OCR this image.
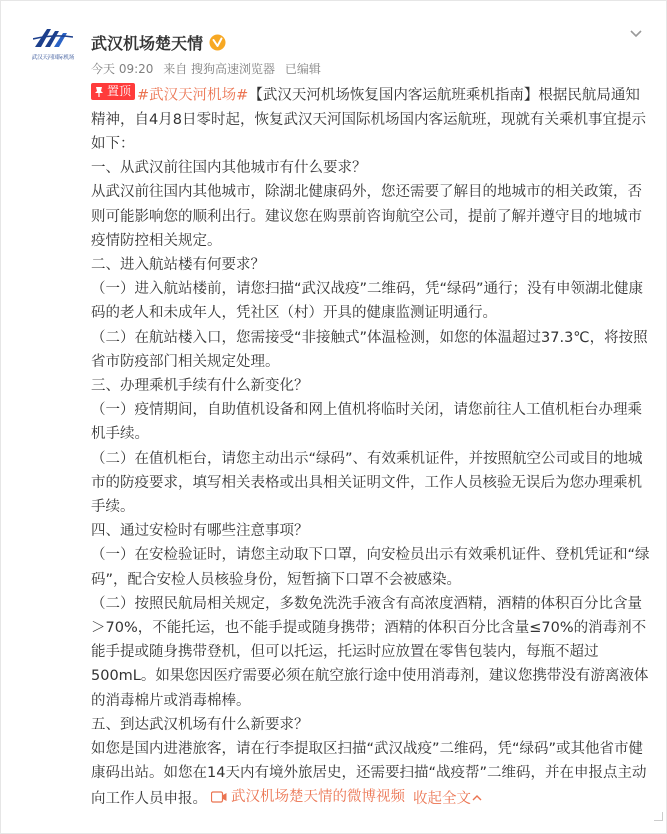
武汉天河国际机场
武汉机场楚天情
今天 09:20 来自 搜狗高速浏览器 已编辑

置顶 #武汉天河机场#【武汉天河机场恢复国内客运航班乘机指南】根据民航局通知精神，自4月8日零时起，恢复武汉天河国际机场国内客运航班，现就有关乘机事宜提示如下：

一、从武汉前往国内其他城市有什么要求？

从武汉前往国内其他城市，除湖北健康码外，您还需要了解目的地城市的相关政策，否则可能影响您的顺利出行。建议您在购票前咨询航空公司，提前了解并遵守目的地城市疫情防控相关规定。

二、进入航站楼有何要求？

（一）进入航站楼前，请您扫描“武汉战疫”二维码，凭“绿码”通行；没有申领湖北健康码的老人和未成年人，凭社区（村）开具的健康监测证明通行。

（二）在航站楼入口，您需接受“非接触式”体温检测，如您的体温超过37.3℃，将按照省市防疫部门相关规定处理。

三、办理乘机手续有什么新变化？

（一）疫情期间，自助值机设备和网上值机将临时关闭，请您前往人工值机柜台办理乘机手续。

（二）在值机柜台，请您主动出示“绿码”、有效乘机证件，并按照航空公司或目的地城市的防疫要求，填写相关表格或出具相关证明文件，工作人员核验无误后为您办理乘机手续。

四、通过安检时有哪些注意事项？

（一）在安检验证时，请您主动取下口罩，向安检员出示有效乘机证件、登机凭证和“绿码”，配合安检人员核验身份，短暂摘下口罩不会被感染。

（二）按照民航局相关规定，多数免洗洗手液含有高浓度酒精，酒精的体积百分比含量＞70%，不能托运，也不能手提或随身携带；酒精的体积百分比含量≤70%的消毒剂不能手提或随身携带登机，但可以托运，托运时应放置在零售包装内，每瓶不超过500mL。如果您因医疗需要必须在航空旅行途中使用消毒剂，建议您携带没有游离液体的消毒棉片或消毒棉棒。

五、到达武汉机场有什么新要求？

如您是国内进港旅客，请在行李提取区扫描“武汉战疫”二维码，凭“绿码”或其他省市健康码出站。如您在14天内有境外旅居史，还需要扫描“战疫帮”二维码，并在申报点主动向工作人员申报。 武汉机场楚天情的微博视频 收起全文
